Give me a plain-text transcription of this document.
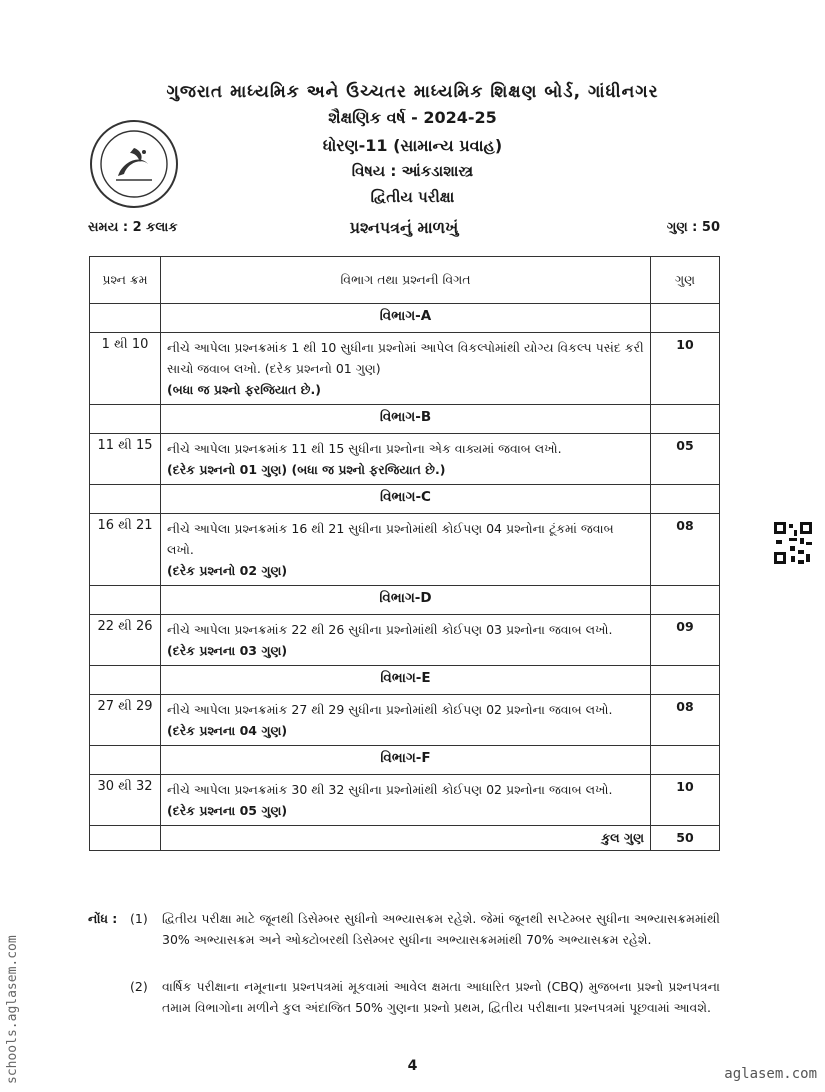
ગુજરાત માધ્યમિક અને ઉચ્ચતર માધ્યમિક શિક્ષણ બોર્ડ, ગાંધીનગર
શૈક્ષણિક વર્ષ - 2024-25
ધોરણ-11 (સામાન્ય પ્રવાહ)
વિષય : આંકડાશાસ્ત્ર
દ્વિતીય પરીક્ષા
સમય : 2 કલાક	પ્રશ્નપત્રનું માળખું	ગુણ : 50
પ્રશ્ન ક્રમ	વિભાગ તથા પ્રશ્નની વિગત	ગુણ
	વિભાગ-A	
1 થી 10	નીચે આપેલા પ્રશ્નક્રમાંક 1 થી 10 સુધીના પ્રશ્નોમાં આપેલ વિકલ્પોમાંથી યોગ્ય વિકલ્પ પસંદ કરી સાચો જવાબ લખો. (દરેક પ્રશ્નનો 01 ગુણ)
(બધા જ પ્રશ્નો ફરજિયાત છે.)	10
	વિભાગ-B	
11 થી 15	નીચે આપેલા પ્રશ્નક્રમાંક 11 થી 15 સુધીના પ્રશ્નોના એક વાક્યમાં જવાબ લખો.
(દરેક પ્રશ્નનો 01 ગુણ) (બધા જ પ્રશ્નો ફરજિયાત છે.)	05
	વિભાગ-C	
16 થી 21	નીચે આપેલા પ્રશ્નક્રમાંક 16 થી 21 સુધીના પ્રશ્નોમાંથી કોઈપણ 04 પ્રશ્નોના ટૂંકમાં જવાબ લખો.
(દરેક પ્રશ્નનો 02 ગુણ)	08
	વિભાગ-D	
22 થી 26	નીચે આપેલા પ્રશ્નક્રમાંક 22 થી 26 સુધીના પ્રશ્નોમાંથી કોઈપણ 03 પ્રશ્નોના જવાબ લખો.
(દરેક પ્રશ્નના 03 ગુણ)	09
	વિભાગ-E	
27 થી 29	નીચે આપેલા પ્રશ્નક્રમાંક 27 થી 29 સુધીના પ્રશ્નોમાંથી કોઈપણ 02 પ્રશ્નોના જવાબ લખો.
(દરેક પ્રશ્નના 04 ગુણ)	08
	વિભાગ-F	
30 થી 32	નીચે આપેલા પ્રશ્નક્રમાંક 30 થી 32 સુધીના પ્રશ્નોમાંથી કોઈપણ 02 પ્રશ્નોના જવાબ લખો.
(દરેક પ્રશ્નના 05 ગુણ)	10
	કુલ ગુણ	50
નોંધ : (1) દ્વિતીય પરીક્ષા માટે જૂનથી ડિસેમ્બર સુધીનો અભ્યાસક્રમ રહેશે. જેમાં જૂનથી સપ્ટેમ્બર સુધીના અભ્યાસક્રમમાંથી 30% અભ્યાસક્રમ અને ઓક્ટોબરથી ડિસેમ્બર સુધીના અભ્યાસક્રમમાંથી 70% અભ્યાસક્રમ રહેશે.
(2) વાર્ષિક પરીક્ષાના નમૂનાના પ્રશ્નપત્રમાં મૂકવામાં આવેલ ક્ષમતા આધારિત પ્રશ્નો (CBQ) મુજબના પ્રશ્નો પ્રશ્નપત્રના તમામ વિભાગોના મળીને કુલ અંદાજિત 50% ગુણના પ્રશ્નો પ્રથમ, દ્વિતીય પરીક્ષાના પ્રશ્નપત્રમાં પૂછવામાં આવશે.
4
schools.aglasem.com	aglasem.com
